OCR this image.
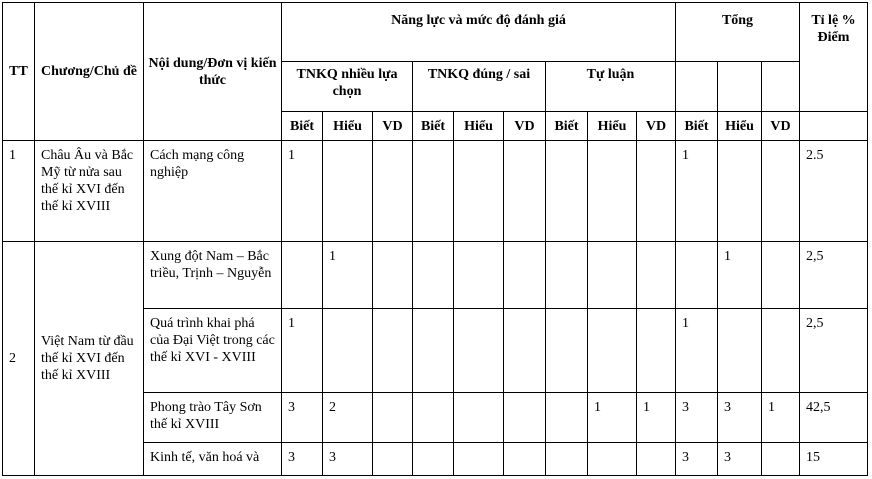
TT	Chương/Chủ đề	Nội dung/Đơn vị kiến thức	Năng lực và mức độ đánh giá									Tổng			Tỉ lệ % Điểm
			TNKQ nhiều lựa chọn			TNKQ đúng / sai			Tự luận						
			Biết	Hiểu	VD	Biết	Hiểu	VD	Biết	Hiểu	VD	Biết	Hiểu	VD	
1	Châu Âu và Bắc Mỹ từ nửa sau thế kỉ XVI đến thế kỉ XVIII	Cách mạng công nghiệp	1									1			2.5
2	Việt Nam từ đầu thế kỉ XVI đến thế kỉ XVIII	Xung đột Nam – Bắc triều, Trịnh – Nguyễn		1									1		2,5
		Quá trình khai phá của Đại Việt trong các thế kỉ XVI - XVIII	1									1			2,5
		Phong trào Tây Sơn thế kỉ XVIII	3	2						1	1	3	3	1	42,5
		Kinh tế, văn hoá và	3	3								3	3		15
